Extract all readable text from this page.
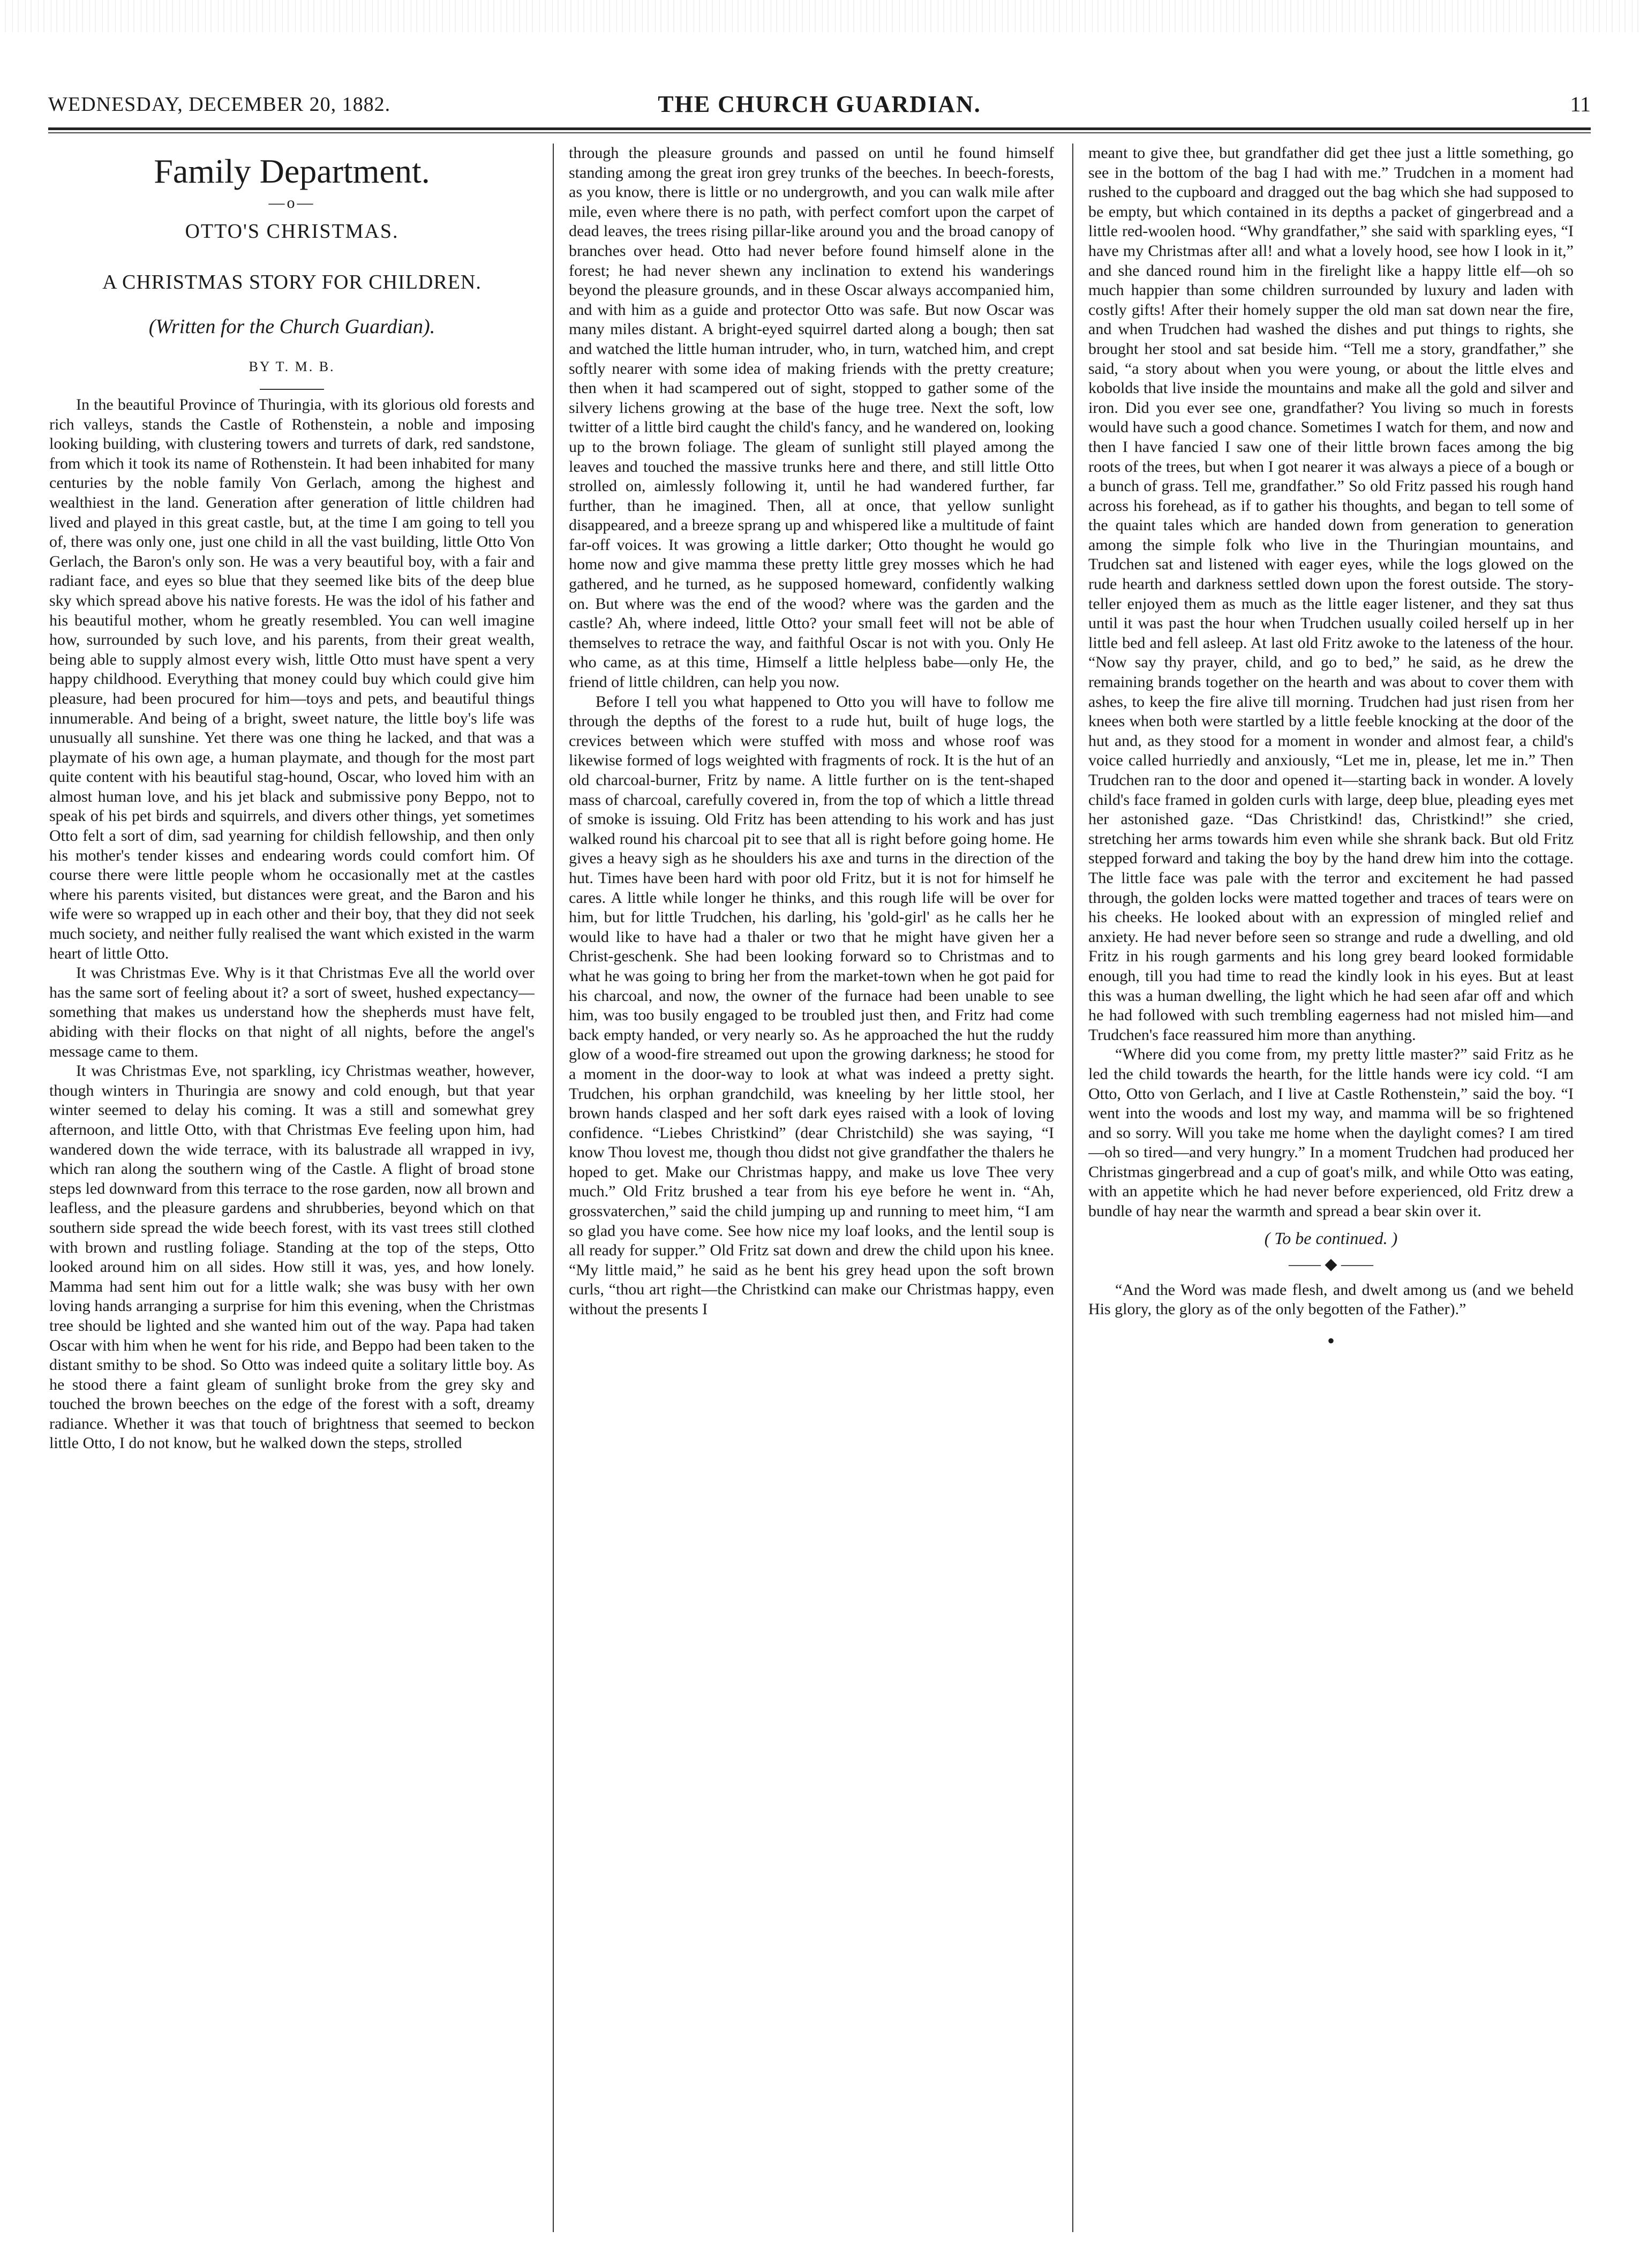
WEDNESDAY, DECEMBER 20, 1882.	THE CHURCH GUARDIAN.	11
Family Department.
—o—
OTTO'S CHRISTMAS.
A CHRISTMAS STORY FOR CHILDREN.
(Written for the Church Guardian).
BY T. M. B.

In the beautiful Province of Thuringia, with its glorious old forests and rich valleys, stands the Castle of Rothenstein, a noble and imposing looking building, with clustering towers and turrets of dark, red sandstone, from which it took its name of Rothenstein. It had been inhabited for many centuries by the noble family Von Gerlach, among the highest and wealthiest in the land. Generation after generation of little children had lived and played in this great castle, but, at the time I am going to tell you of, there was only one, just one child in all the vast building, little Otto Von Gerlach, the Baron's only son. He was a very beautiful boy, with a fair and radiant face, and eyes so blue that they seemed like bits of the deep blue sky which spread above his native forests. He was the idol of his father and his beautiful mother, whom he greatly resembled. You can well imagine how, surrounded by such love, and his parents, from their great wealth, being able to supply almost every wish, little Otto must have spent a very happy childhood. Everything that money could buy which could give him pleasure, had been procured for him—toys and pets, and beautiful things innumerable. And being of a bright, sweet nature, the little boy's life was unusually all sunshine. Yet there was one thing he lacked, and that was a playmate of his own age, a human playmate, and though for the most part quite content with his beautiful stag-hound, Oscar, who loved him with an almost human love, and his jet black and submissive pony Beppo, not to speak of his pet birds and squirrels, and divers other things, yet sometimes Otto felt a sort of dim, sad yearning for childish fellowship, and then only his mother's tender kisses and endearing words could comfort him. Of course there were little people whom he occasionally met at the castles where his parents visited, but distances were great, and the Baron and his wife were so wrapped up in each other and their boy, that they did not seek much society, and neither fully realised the want which existed in the warm heart of little Otto.

It was Christmas Eve. Why is it that Christmas Eve all the world over has the same sort of feeling about it? a sort of sweet, hushed expectancy—something that makes us understand how the shepherds must have felt, abiding with their flocks on that night of all nights, before the angel's message came to them.

It was Christmas Eve, not sparkling, icy Christmas weather, however, though winters in Thuringia are snowy and cold enough, but that year winter seemed to delay his coming. It was a still and somewhat grey afternoon, and little Otto, with that Christmas Eve feeling upon him, had wandered down the wide terrace, with its balustrade all wrapped in ivy, which ran along the southern wing of the Castle. A flight of broad stone steps led downward from this terrace to the rose garden, now all brown and leafless, and the pleasure gardens and shrubberies, beyond which on that southern side spread the wide beech forest, with its vast trees still clothed with brown and rustling foliage. Standing at the top of the steps, Otto looked around him on all sides. How still it was, yes, and how lonely. Mamma had sent him out for a little walk; she was busy with her own loving hands arranging a surprise for him this evening, when the Christmas tree should be lighted and she wanted him out of the way. Papa had taken Oscar with him when he went for his ride, and Beppo had been taken to the distant smithy to be shod. So Otto was indeed quite a solitary little boy. As he stood there a faint gleam of sunlight broke from the grey sky and touched the brown beeches on the edge of the forest with a soft, dreamy radiance. Whether it was that touch of brightness that seemed to beckon little Otto, I do not know, but he walked down the steps, strolled

through the pleasure grounds and passed on until he found himself standing among the great iron grey trunks of the beeches. In beech-forests, as you know, there is little or no undergrowth, and you can walk mile after mile, even where there is no path, with perfect comfort upon the carpet of dead leaves, the trees rising pillar-like around you and the broad canopy of branches over head. Otto had never before found himself alone in the forest; he had never shewn any inclination to extend his wanderings beyond the pleasure grounds, and in these Oscar always accompanied him, and with him as a guide and protector Otto was safe. But now Oscar was many miles distant. A bright-eyed squirrel darted along a bough; then sat and watched the little human intruder, who, in turn, watched him, and crept softly nearer with some idea of making friends with the pretty creature; then when it had scampered out of sight, stopped to gather some of the silvery lichens growing at the base of the huge tree. Next the soft, low twitter of a little bird caught the child's fancy, and he wandered on, looking up to the brown foliage. The gleam of sunlight still played among the leaves and touched the massive trunks here and there, and still little Otto strolled on, aimlessly following it, until he had wandered further, far further, than he imagined. Then, all at once, that yellow sunlight disappeared, and a breeze sprang up and whispered like a multitude of faint far-off voices. It was growing a little darker; Otto thought he would go home now and give mamma these pretty little grey mosses which he had gathered, and he turned, as he supposed homeward, confidently walking on. But where was the end of the wood? where was the garden and the castle? Ah, where indeed, little Otto? your small feet will not be able of themselves to retrace the way, and faithful Oscar is not with you. Only He who came, as at this time, Himself a little helpless babe—only He, the friend of little children, can help you now.

Before I tell you what happened to Otto you will have to follow me through the depths of the forest to a rude hut, built of huge logs, the crevices between which were stuffed with moss and whose roof was likewise formed of logs weighted with fragments of rock. It is the hut of an old charcoal-burner, Fritz by name. A little further on is the tent-shaped mass of charcoal, carefully covered in, from the top of which a little thread of smoke is issuing. Old Fritz has been attending to his work and has just walked round his charcoal pit to see that all is right before going home. He gives a heavy sigh as he shoulders his axe and turns in the direction of the hut. Times have been hard with poor old Fritz, but it is not for himself he cares. A little while longer he thinks, and this rough life will be over for him, but for little Trudchen, his darling, his 'gold-girl' as he calls her he would like to have had a thaler or two that he might have given her a Christ-geschenk. She had been looking forward so to Christmas and to what he was going to bring her from the market-town when he got paid for his charcoal, and now, the owner of the furnace had been unable to see him, was too busily engaged to be troubled just then, and Fritz had come back empty handed, or very nearly so. As he approached the hut the ruddy glow of a wood-fire streamed out upon the growing darkness; he stood for a moment in the door-way to look at what was indeed a pretty sight. Trudchen, his orphan grandchild, was kneeling by her little stool, her brown hands clasped and her soft dark eyes raised with a look of loving confidence. “Liebes Christkind” (dear Christchild) she was saying, “I know Thou lovest me, though thou didst not give grandfather the thalers he hoped to get. Make our Christmas happy, and make us love Thee very much.” Old Fritz brushed a tear from his eye before he went in. “Ah, grossvaterchen,” said the child jumping up and running to meet him, “I am so glad you have come. See how nice my loaf looks, and the lentil soup is all ready for supper.” Old Fritz sat down and drew the child upon his knee. “My little maid,” he said as he bent his grey head upon the soft brown curls, “thou art right—the Christkind can make our Christmas happy, even without the presents I

meant to give thee, but grandfather did get thee just a little something, go see in the bottom of the bag I had with me.” Trudchen in a moment had rushed to the cupboard and dragged out the bag which she had supposed to be empty, but which contained in its depths a packet of gingerbread and a little red-woolen hood. “Why grandfather,” she said with sparkling eyes, “I have my Christmas after all! and what a lovely hood, see how I look in it,” and she danced round him in the firelight like a happy little elf—oh so much happier than some children surrounded by luxury and laden with costly gifts! After their homely supper the old man sat down near the fire, and when Trudchen had washed the dishes and put things to rights, she brought her stool and sat beside him. “Tell me a story, grandfather,” she said, “a story about when you were young, or about the little elves and kobolds that live inside the mountains and make all the gold and silver and iron. Did you ever see one, grandfather? You living so much in forests would have such a good chance. Sometimes I watch for them, and now and then I have fancied I saw one of their little brown faces among the big roots of the trees, but when I got nearer it was always a piece of a bough or a bunch of grass. Tell me, grandfather.” So old Fritz passed his rough hand across his forehead, as if to gather his thoughts, and began to tell some of the quaint tales which are handed down from generation to generation among the simple folk who live in the Thuringian mountains, and Trudchen sat and listened with eager eyes, while the logs glowed on the rude hearth and darkness settled down upon the forest outside. The story-teller enjoyed them as much as the little eager listener, and they sat thus until it was past the hour when Trudchen usually coiled herself up in her little bed and fell asleep. At last old Fritz awoke to the lateness of the hour. “Now say thy prayer, child, and go to bed,” he said, as he drew the remaining brands together on the hearth and was about to cover them with ashes, to keep the fire alive till morning. Trudchen had just risen from her knees when both were startled by a little feeble knocking at the door of the hut and, as they stood for a moment in wonder and almost fear, a child's voice called hurriedly and anxiously, “Let me in, please, let me in.” Then Trudchen ran to the door and opened it—starting back in wonder. A lovely child's face framed in golden curls with large, deep blue, pleading eyes met her astonished gaze. “Das Christkind! das, Christkind!” she cried, stretching her arms towards him even while she shrank back. But old Fritz stepped forward and taking the boy by the hand drew him into the cottage. The little face was pale with the terror and excitement he had passed through, the golden locks were matted together and traces of tears were on his cheeks. He looked about with an expression of mingled relief and anxiety. He had never before seen so strange and rude a dwelling, and old Fritz in his rough garments and his long grey beard looked formidable enough, till you had time to read the kindly look in his eyes. But at least this was a human dwelling, the light which he had seen afar off and which he had followed with such trembling eagerness had not misled him—and Trudchen's face reassured him more than anything.

“Where did you come from, my pretty little master?” said Fritz as he led the child towards the hearth, for the little hands were icy cold. “I am Otto, Otto von Gerlach, and I live at Castle Rothenstein,” said the boy. “I went into the woods and lost my way, and mamma will be so frightened and so sorry. Will you take me home when the daylight comes? I am tired—oh so tired—and very hungry.” In a moment Trudchen had produced her Christmas gingerbread and a cup of goat's milk, and while Otto was eating, with an appetite which he had never before experienced, old Fritz drew a bundle of hay near the warmth and spread a bear skin over it.

( To be continued. )
—— ◆ ——

“And the Word was made flesh, and dwelt among us (and we beheld His glory, the glory as of the only begotten of the Father).”

•
